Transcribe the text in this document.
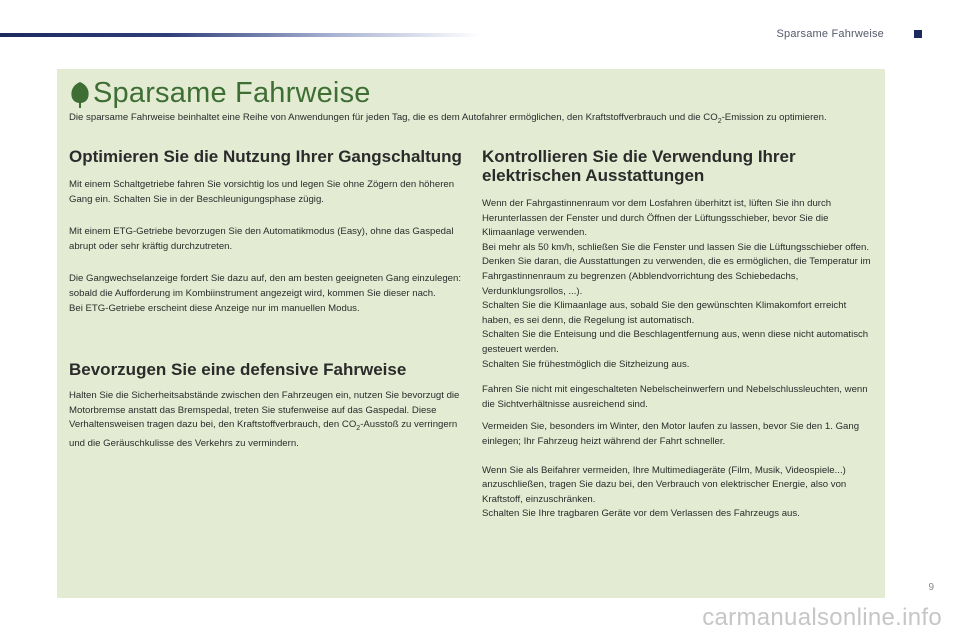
Sparsame Fahrweise
Sparsame Fahrweise

Die sparsame Fahrweise beinhaltet eine Reihe von Anwendungen für jeden Tag, die es dem Autofahrer ermöglichen, den Kraftstoffverbrauch und die $CO_2$-Emission zu optimieren.

Optimieren Sie die Nutzung Ihrer Gangschaltung

Mit einem Schaltgetriebe fahren Sie vorsichtig los und legen Sie ohne Zögern den höheren Gang ein. Schalten Sie in der Beschleunigungsphase zügig.

Mit einem ETG-Getriebe bevorzugen Sie den Automatikmodus (Easy), ohne das Gaspedal abrupt oder sehr kräftig durchzutreten.

Die Gangwechselanzeige fordert Sie dazu auf, den am besten geeigneten Gang einzulegen: sobald die Aufforderung im Kombiinstrument angezeigt wird, kommen Sie dieser nach.
Bei ETG-Getriebe erscheint diese Anzeige nur im manuellen Modus.

Bevorzugen Sie eine defensive Fahrweise

Halten Sie die Sicherheitsabstände zwischen den Fahrzeugen ein, nutzen Sie bevorzugt die Motorbremse anstatt das Bremspedal, treten Sie stufenweise auf das Gaspedal. Diese Verhaltensweisen tragen dazu bei, den Kraftstoffverbrauch, den $CO_2$-Ausstoß zu verringern und die Geräuschkulisse des Verkehrs zu vermindern.

Kontrollieren Sie die Verwendung Ihrer elektrischen Ausstattungen

Wenn der Fahrgastinnenraum vor dem Losfahren überhitzt ist, lüften Sie ihn durch Herunterlassen der Fenster und durch Öffnen der Lüftungsschieber, bevor Sie die Klimaanlage verwenden.
Bei mehr als 50 km/h, schließen Sie die Fenster und lassen Sie die Lüftungsschieber offen.
Denken Sie daran, die Ausstattungen zu verwenden, die es ermöglichen, die Temperatur im Fahrgastinnenraum zu begrenzen (Abblendvorrichtung des Schiebedachs, Verdunklungsrollos, ...).
Schalten Sie die Klimaanlage aus, sobald Sie den gewünschten Klimakomfort erreicht haben, es sei denn, die Regelung ist automatisch.
Schalten Sie die Enteisung und die Beschlagentfernung aus, wenn diese nicht automatisch gesteuert werden.
Schalten Sie frühestmöglich die Sitzheizung aus.

Fahren Sie nicht mit eingeschalteten Nebelscheinwerfern und Nebelschlussleuchten, wenn die Sichtverhältnisse ausreichend sind.

Vermeiden Sie, besonders im Winter, den Motor laufen zu lassen, bevor Sie den 1. Gang einlegen; Ihr Fahrzeug heizt während der Fahrt schneller.

Wenn Sie als Beifahrer vermeiden, Ihre Multimediageräte (Film, Musik, Videospiele...) anzuschließen, tragen Sie dazu bei, den Verbrauch von elektrischer Energie, also von Kraftstoff, einzuschränken.
Schalten Sie Ihre tragbaren Geräte vor dem Verlassen des Fahrzeugs aus.

9
carmanualsonline.info
